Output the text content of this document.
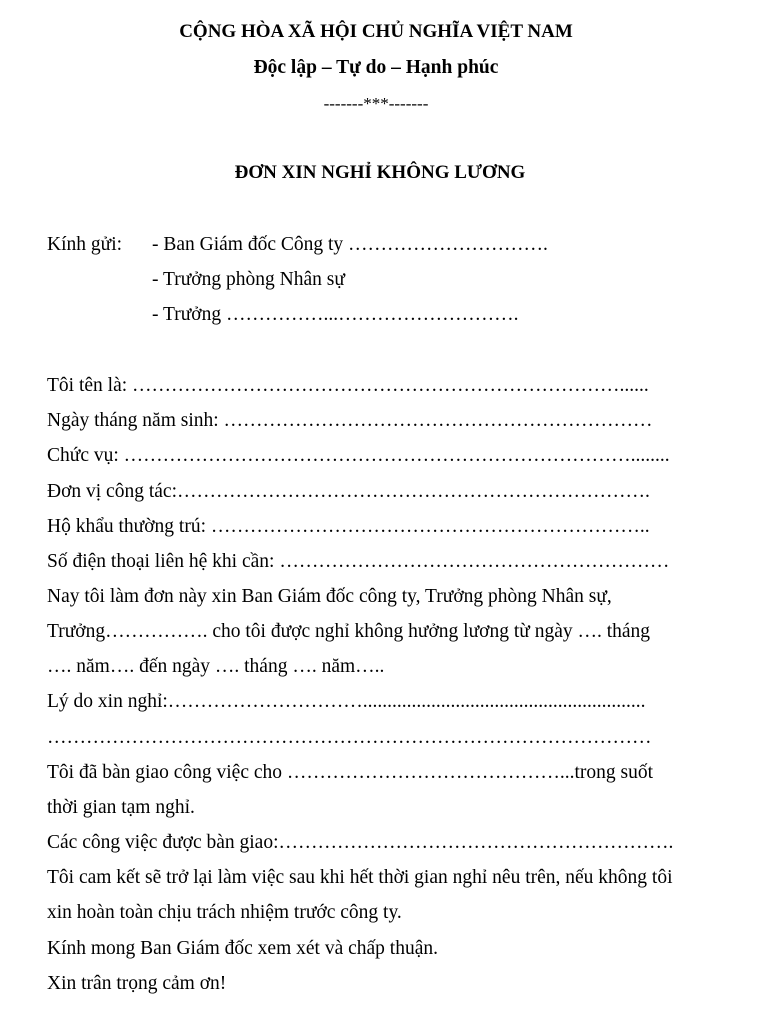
CỘNG HÒA XÃ HỘI CHỦ NGHĨA VIỆT NAM
Độc lập – Tự do – Hạnh phúc
-------***-------
ĐƠN XIN NGHỈ KHÔNG LƯƠNG
Kính gửi: - Ban Giám đốc Công ty ………………………….
- Trưởng phòng Nhân sự
- Trưởng ……………...……………………….
Tôi tên là: …………………………………………………………………......
Ngày tháng năm sinh: …………………………………………………………
Chức vụ: ……………………………………………………………………........
Đơn vị công tác:……………………………………………………………….
Hộ khẩu thường trú: …………………………………………………………..
Số điện thoại liên hệ khi cần: ……………………………………………………
Nay tôi làm đơn này xin Ban Giám đốc công ty, Trưởng phòng Nhân sự,
Trưởng……………. cho tôi được nghỉ không hưởng lương từ ngày …. tháng
…. năm…. đến ngày …. tháng …. năm…..
Lý do xin nghỉ:…………………………..........................................................
…………………………………………………………………………………
Tôi đã bàn giao công việc cho ……………………………………...trong suốt
thời gian tạm nghỉ.
Các công việc được bàn giao:…………………………………………………….
Tôi cam kết sẽ trở lại làm việc sau khi hết thời gian nghỉ nêu trên, nếu không tôi
xin hoàn toàn chịu trách nhiệm trước công ty.
Kính mong Ban Giám đốc xem xét và chấp thuận.
Xin trân trọng cảm ơn!
